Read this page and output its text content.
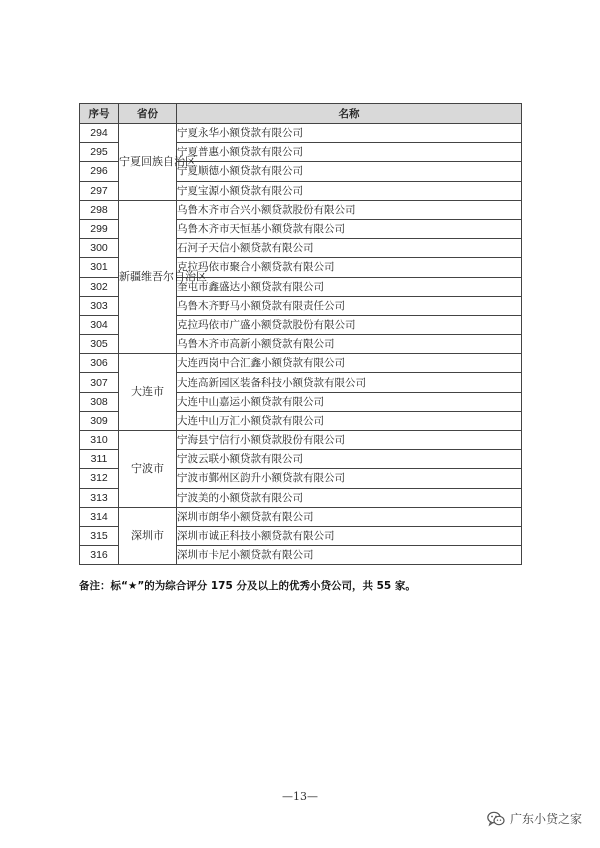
序号	省份	名称
294	宁夏回族自治区	宁夏永华小额贷款有限公司
295		宁夏普惠小额贷款有限公司
296		宁夏顺德小额贷款有限公司
297		宁夏宝源小额贷款有限公司
298	新疆维吾尔自治区	乌鲁木齐市合兴小额贷款股份有限公司
299		乌鲁木齐市天恒基小额贷款有限公司
300		石河子天信小额贷款有限公司
301		克拉玛依市聚合小额贷款有限公司
302		奎屯市鑫盛达小额贷款有限公司
303		乌鲁木齐野马小额贷款有限责任公司
304		克拉玛依市广盛小额贷款股份有限公司
305		乌鲁木齐市高新小额贷款有限公司
306	大连市	大连西岗中合汇鑫小额贷款有限公司
307		大连高新园区装备科技小额贷款有限公司
308		大连中山嘉运小额贷款有限公司
309		大连中山万汇小额贷款有限公司
310	宁波市	宁海县宁信行小额贷款股份有限公司
311		宁波云联小额贷款有限公司
312		宁波市鄞州区韵升小额贷款有限公司
313		宁波美的小额贷款有限公司
314	深圳市	深圳市朗华小额贷款有限公司
315		深圳市诚正科技小额贷款有限公司
316		深圳市卡尼小额贷款有限公司
备注：标“★”的为综合评分 175 分及以上的优秀小贷公司，共 55 家。
—13—
广东小贷之家
